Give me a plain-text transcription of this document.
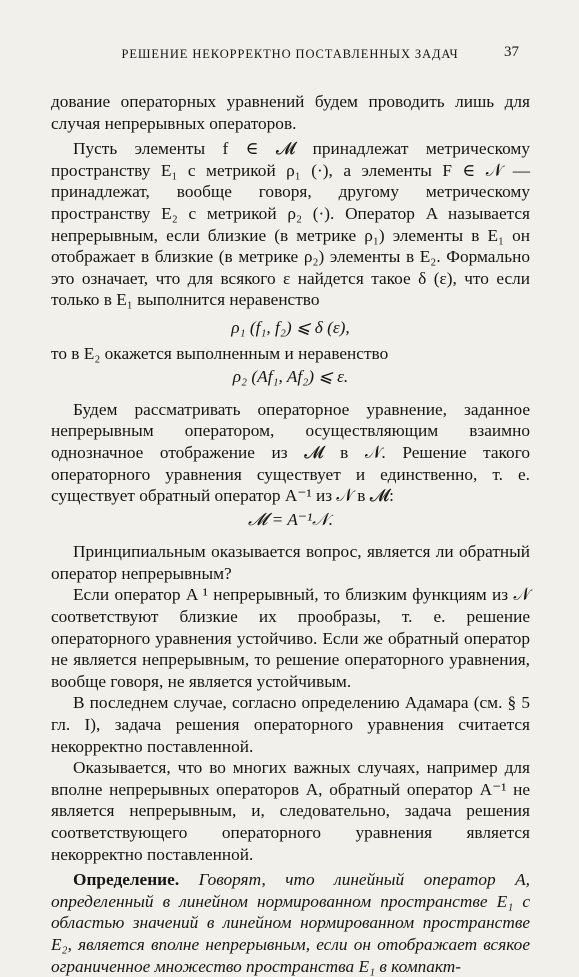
РЕШЕНИЕ НЕКОРРЕКТНО ПОСТАВЛЕННЫХ ЗАДАЧ	37

дование операторных уравнений будем проводить лишь для случая непрерывных операторов.

Пусть элементы f ∈ 𝓜 принадлежат метрическому пространству E₁ с метрикой ρ₁ (·), а элементы F ∈ 𝒩 — принадлежат, вообще говоря, другому метрическому пространству E₂ с метрикой ρ₂ (·). Оператор A называется непрерывным, если близкие (в метрике ρ₁) элементы в E₁ он отображает в близкие (в метрике ρ₂) элементы в E₂. Формально это означает, что для всякого ε найдется такое δ (ε), что если только в E₁ выполнится неравенство

ρ₁ (f₁, f₂) ⩽ δ (ε),

то в E₂ окажется выполненным и неравенство

ρ₂ (Af₁, Af₂) ⩽ ε.

Будем рассматривать операторное уравнение, заданное непрерывным оператором, осуществляющим взаимно однозначное отображение из 𝓜 в 𝒩. Решение такого операторного уравнения существует и единственно, т. е. существует обратный оператор A⁻¹ из 𝒩 в 𝓜:

𝓜 = A⁻¹𝒩.

Принципиальным оказывается вопрос, является ли обратный оператор непрерывным?

Если оператор A ¹ непрерывный, то близким функциям из 𝒩 соответствуют близкие их прообразы, т. е. решение операторного уравнения устойчиво. Если же обратный оператор не является непрерывным, то решение операторного уравнения, вообще говоря, не является устойчивым.

В последнем случае, согласно определению Адамара (см. § 5 гл. I), задача решения операторного уравнения считается некорректно поставленной.

Оказывается, что во многих важных случаях, например для вполне непрерывных операторов A, обратный оператор A⁻¹ не является непрерывным, и, следовательно, задача решения соответствующего операторного уравнения является некорректно поставленной.

Определение. Говорят, что линейный оператор A, определенный в линейном нормированном пространстве E₁ с областью значений в линейном нормированном пространстве E₂, является вполне непрерывным, если он отображает всякое ограниченное множество пространства E₁ в компакт-
